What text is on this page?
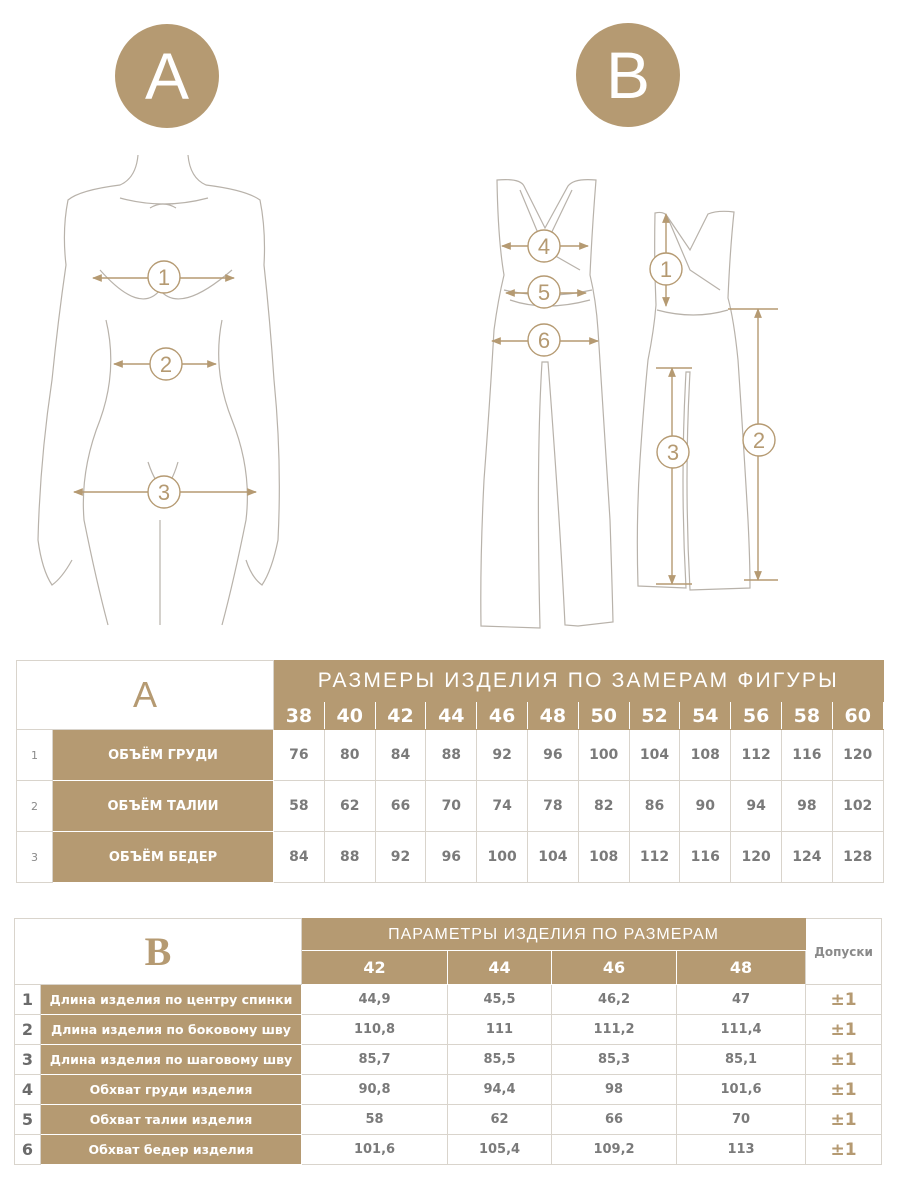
A	B
1
2
3
4
5
6
1
3	2
A		РАЗМЕРЫ ИЗДЕЛИЯ ПО ЗАМЕРАМ ФИГУРЫ											
		38	40	42	44	46	48	50	52	54	56	58	60
1	ОБЪЁМ ГРУДИ	76	80	84	88	92	96	100	104	108	112	116	120
2	ОБЪЁМ ТАЛИИ	58	62	66	70	74	78	82	86	90	94	98	102
3	ОБЪЁМ БЕДЕР	84	88	92	96	100	104	108	112	116	120	124	128
B		ПАРАМЕТРЫ ИЗДЕЛИЯ ПО РАЗМЕРАМ				Допуски
		42	44	46	48	
1	Длина изделия по центру спинки	44,9	45,5	46,2	47	±1
2	Длина изделия по боковому шву	110,8	111	111,2	111,4	±1
3	Длина изделия по шаговому шву	85,7	85,5	85,3	85,1	±1
4	Обхват груди изделия	90,8	94,4	98	101,6	±1
5	Обхват талии изделия	58	62	66	70	±1
6	Обхват бедер изделия	101,6	105,4	109,2	113	±1
